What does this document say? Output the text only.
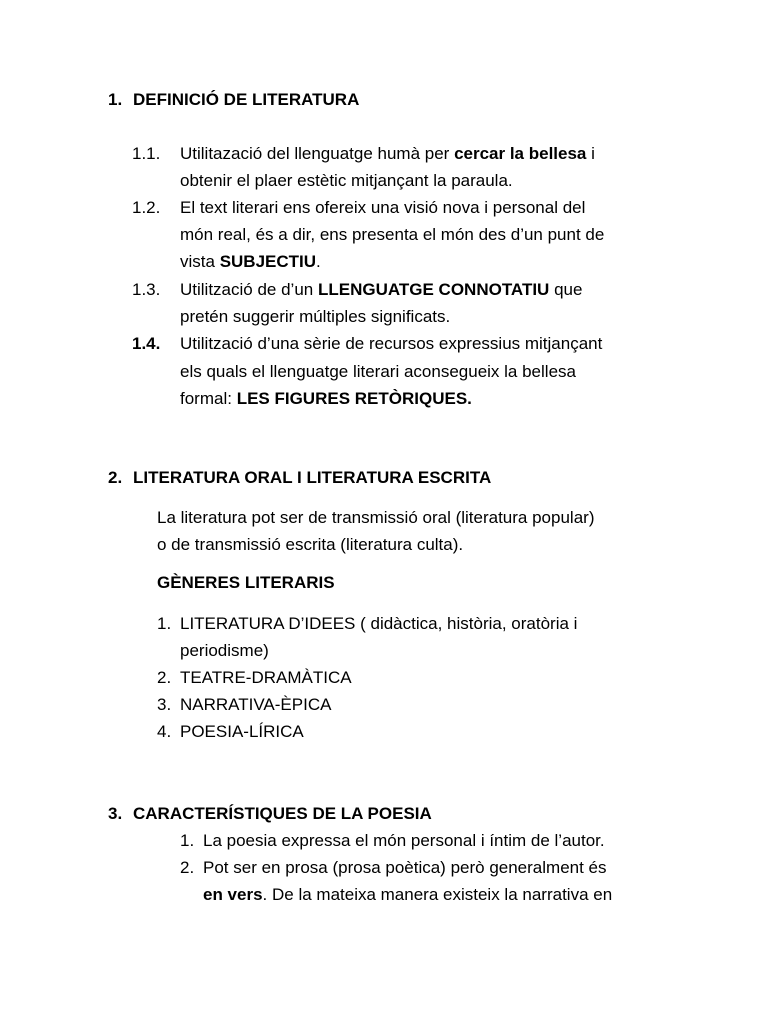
1. DEFINICIÓ DE LITERATURA
1.1. Utilitazació del llenguatge humà per cercar la bellesa i
obtenir el plaer estètic mitjançant la paraula.
1.2. El text literari ens ofereix una visió nova i personal del
món real, és a dir, ens presenta el món des d’un punt de
vista SUBJECTIU.
1.3. Utilització de d’un LLENGUATGE CONNOTATIU que
pretén suggerir múltiples significats.
1.4. Utilització d’una sèrie de recursos expressius mitjançant
els quals el llenguatge literari aconsegueix la bellesa
formal: LES FIGURES RETÒRIQUES.
2. LITERATURA ORAL I LITERATURA ESCRITA
La literatura pot ser de transmissió oral (literatura popular)
o de transmissió escrita (literatura culta).
GÈNERES LITERARIS
1. LITERATURA D’IDEES ( didàctica, història, oratòria i
periodisme)
2. TEATRE-DRAMÀTICA
3. NARRATIVA-ÈPICA
4. POESIA-LÍRICA
3. CARACTERÍSTIQUES DE LA POESIA
1. La poesia expressa el món personal i íntim de l’autor.
2. Pot ser en prosa (prosa poètica) però generalment és
en vers. De la mateixa manera existeix la narrativa en
